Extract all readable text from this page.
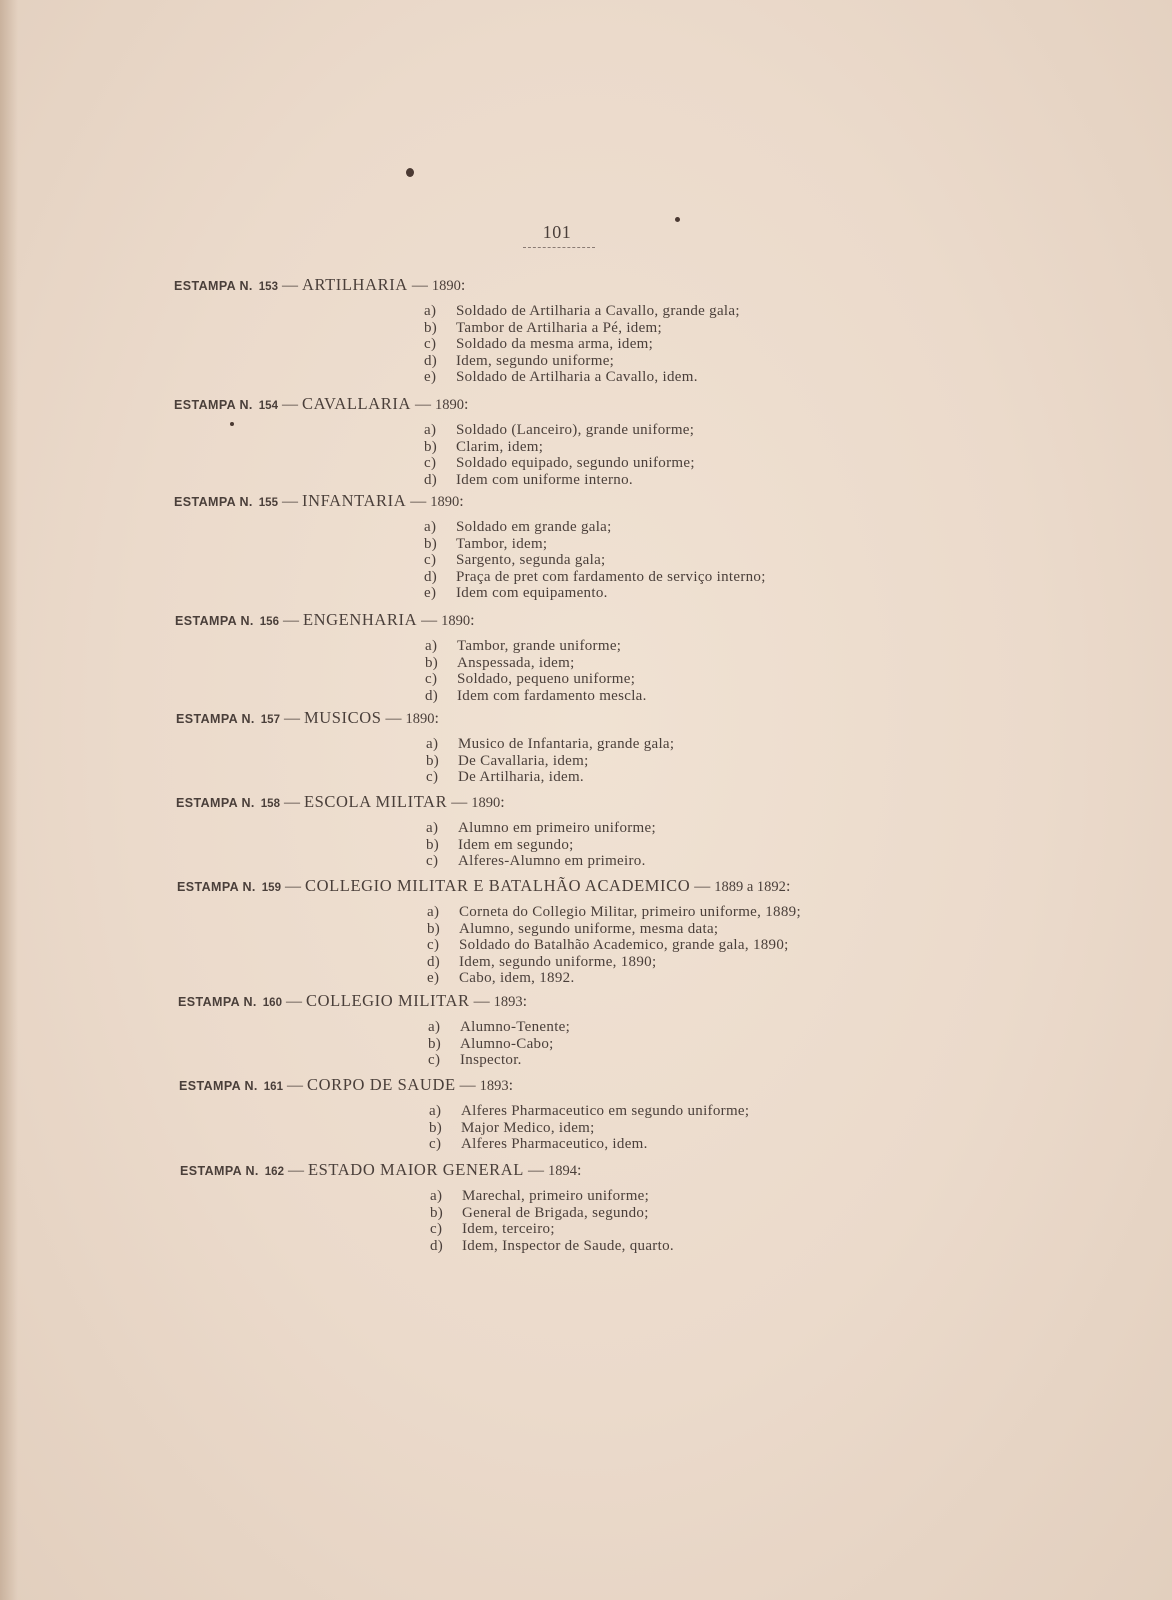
101
ESTAMPA N. 153 — ARTILHARIA — 1890:
a) Soldado de Artilharia a Cavallo, grande gala;
b) Tambor de Artilharia a Pé, idem;
c) Soldado da mesma arma, idem;
d) Idem, segundo uniforme;
e) Soldado de Artilharia a Cavallo, idem.
ESTAMPA N. 154 — CAVALLARIA — 1890:
a) Soldado (Lanceiro), grande uniforme;
b) Clarim, idem;
c) Soldado equipado, segundo uniforme;
d) Idem com uniforme interno.
ESTAMPA N. 155 — INFANTARIA — 1890:
a) Soldado em grande gala;
b) Tambor, idem;
c) Sargento, segunda gala;
d) Praça de pret com fardamento de serviço interno;
e) Idem com equipamento.
ESTAMPA N. 156 — ENGENHARIA — 1890:
a) Tambor, grande uniforme;
b) Anspessada, idem;
c) Soldado, pequeno uniforme;
d) Idem com fardamento mescla.
ESTAMPA N. 157 — MUSICOS — 1890:
a) Musico de Infantaria, grande gala;
b) De Cavallaria, idem;
c) De Artilharia, idem.
ESTAMPA N. 158 — ESCOLA MILITAR — 1890:
a) Alumno em primeiro uniforme;
b) Idem em segundo;
c) Alferes-Alumno em primeiro.
ESTAMPA N. 159 — COLLEGIO MILITAR E BATALHÃO ACADEMICO — 1889 a 1892:
a) Corneta do Collegio Militar, primeiro uniforme, 1889;
b) Alumno, segundo uniforme, mesma data;
c) Soldado do Batalhão Academico, grande gala, 1890;
d) Idem, segundo uniforme, 1890;
e) Cabo, idem, 1892.
ESTAMPA N. 160 — COLLEGIO MILITAR — 1893:
a) Alumno-Tenente;
b) Alumno-Cabo;
c) Inspector.
ESTAMPA N. 161 — CORPO DE SAUDE — 1893:
a) Alferes Pharmaceutico em segundo uniforme;
b) Major Medico, idem;
c) Alferes Pharmaceutico, idem.
ESTAMPA N. 162 — ESTADO MAIOR GENERAL — 1894:
a) Marechal, primeiro uniforme;
b) General de Brigada, segundo;
c) Idem, terceiro;
d) Idem, Inspector de Saude, quarto.
